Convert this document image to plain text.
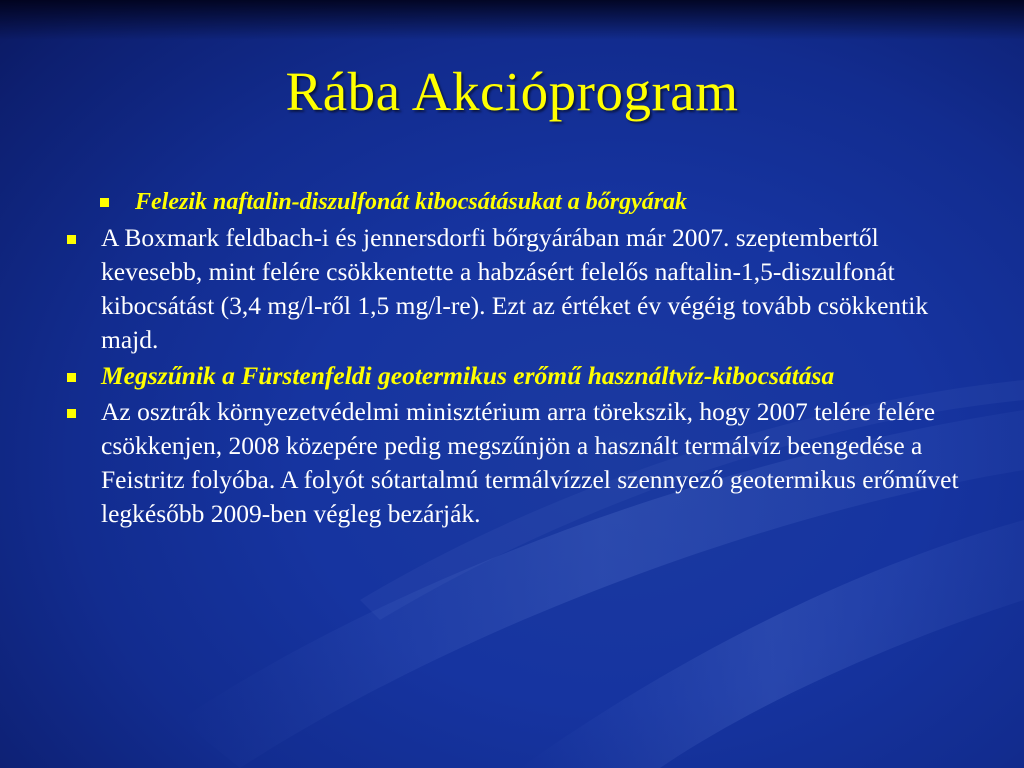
Rába Akcióprogram
Felezik naftalin-diszulfonát kibocsátásukat a bőrgyárak
A Boxmark feldbach-i és jennersdorfi bőrgyárában már 2007. szeptembertől kevesebb, mint felére csökkentette a habzásért felelős naftalin-1,5-diszulfonát kibocsátást (3,4 mg/l-ről 1,5 mg/l-re). Ezt az értéket év végéig tovább csökkentik majd.
Megszűnik a Fürstenfeldi geotermikus erőmű használtvíz-kibocsátása
Az osztrák környezetvédelmi minisztérium arra törekszik, hogy 2007 telére felére csökkenjen, 2008 közepére pedig megszűnjön a használt termálvíz beengedése a Feistritz folyóba. A folyót sótartalmú termálvízzel szennyező geotermikus erőművet legkésőbb 2009-ben végleg bezárják.
